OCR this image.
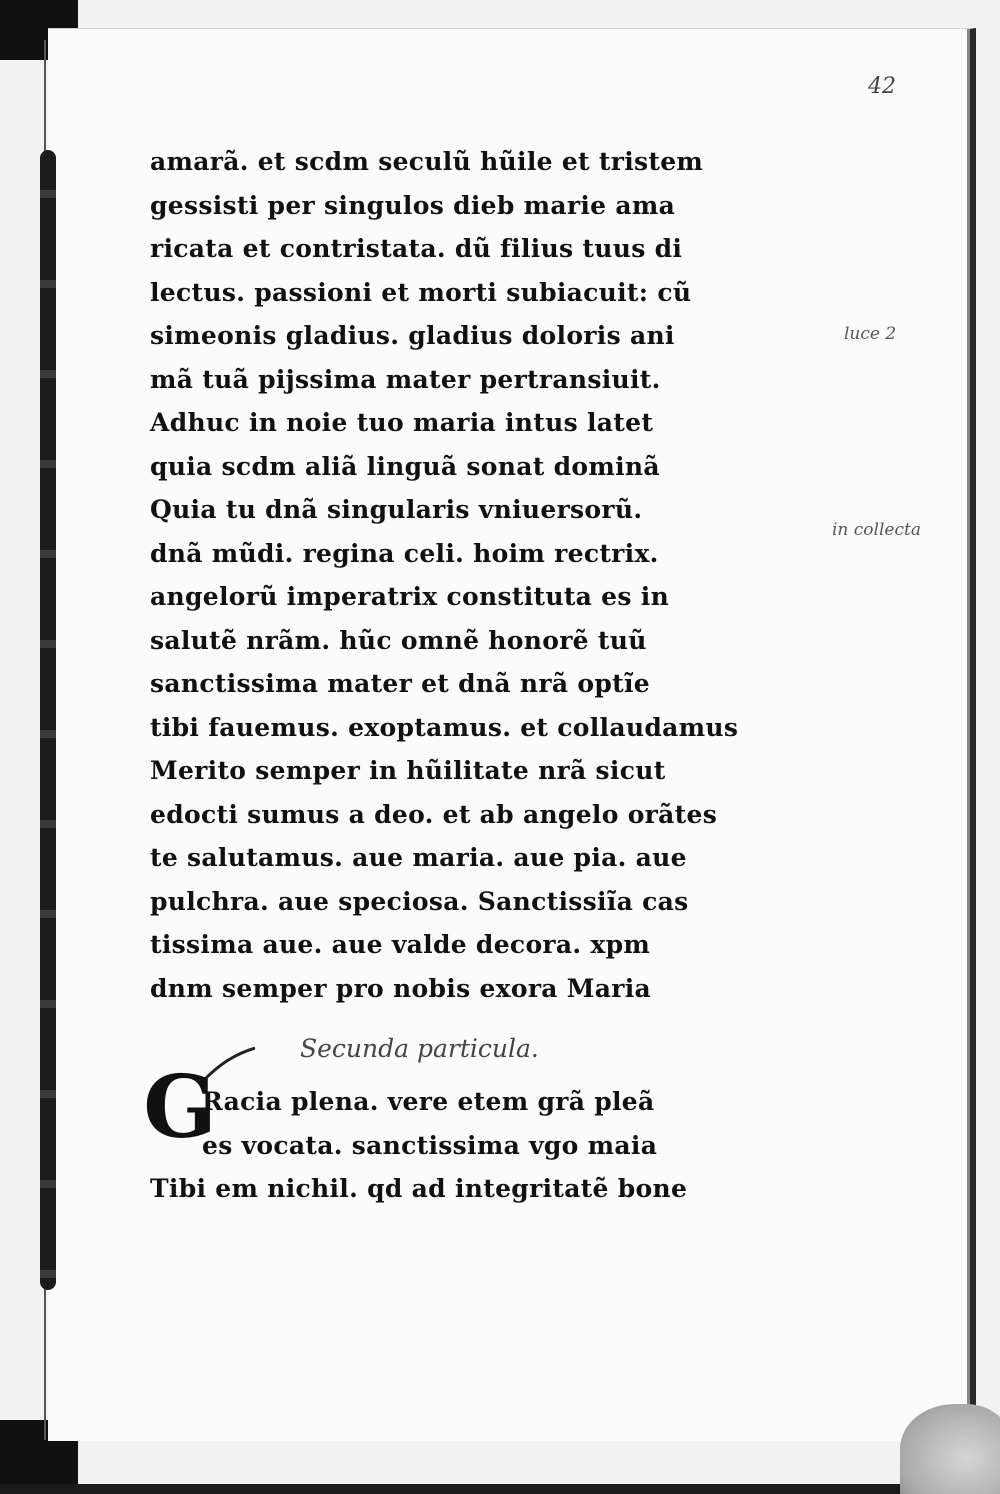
42
luce 2
in collecta
amarã. et scdm seculũ hũile et tristem
gessisti per singulos dieb marie ama
ricata et contristata. dũ filius tuus di
lectus. passioni et morti subiacuit: cũ
simeonis gladius. gladius doloris ani
mã tuã pijssima mater pertransiuit.
Adhuc in noie tuo maria intus latet
quia scdm aliã linguã sonat dominã
Quia tu dnã singularis vniuersorũ.
dnã mũdi. regina celi. hoim rectrix.
angelorũ imperatrix constituta es in
salutẽ nrãm. hũc omnẽ honorẽ tuũ
sanctissima mater et dnã nrã optĩe
tibi fauemus. exoptamus. et collaudamus
Merito semper in hũilitate nrã sicut
edocti sumus a deo. et ab angelo orãtes
te salutamus. aue maria. aue pia. aue
pulchra. aue speciosa. Sanctissiĩa cas
tissima aue. aue valde decora. xpm
dnm semper pro nobis exora Maria
Secunda particula.
G
Racia plena. vere etem grã pleã
es vocata. sanctissima vgo maia
Tibi em nichil. qd ad integritatẽ bone
